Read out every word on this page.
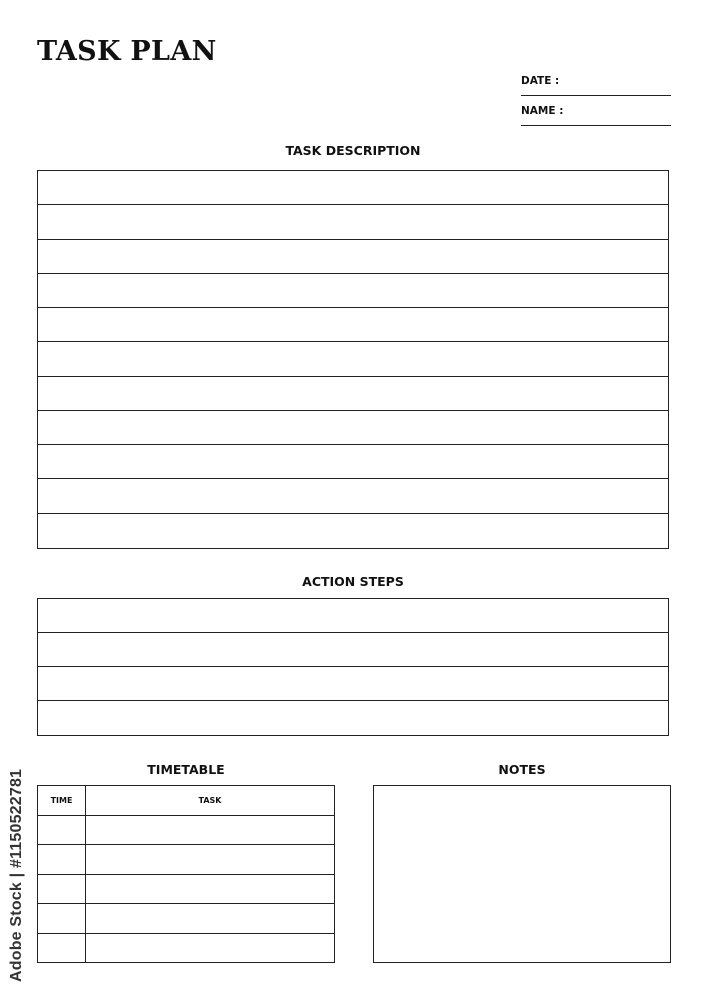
TASK PLAN
DATE :
NAME :
TASK DESCRIPTION
ACTION STEPS
TIMETABLE
TIME	TASK
NOTES
Adobe Stock | #1150522781
